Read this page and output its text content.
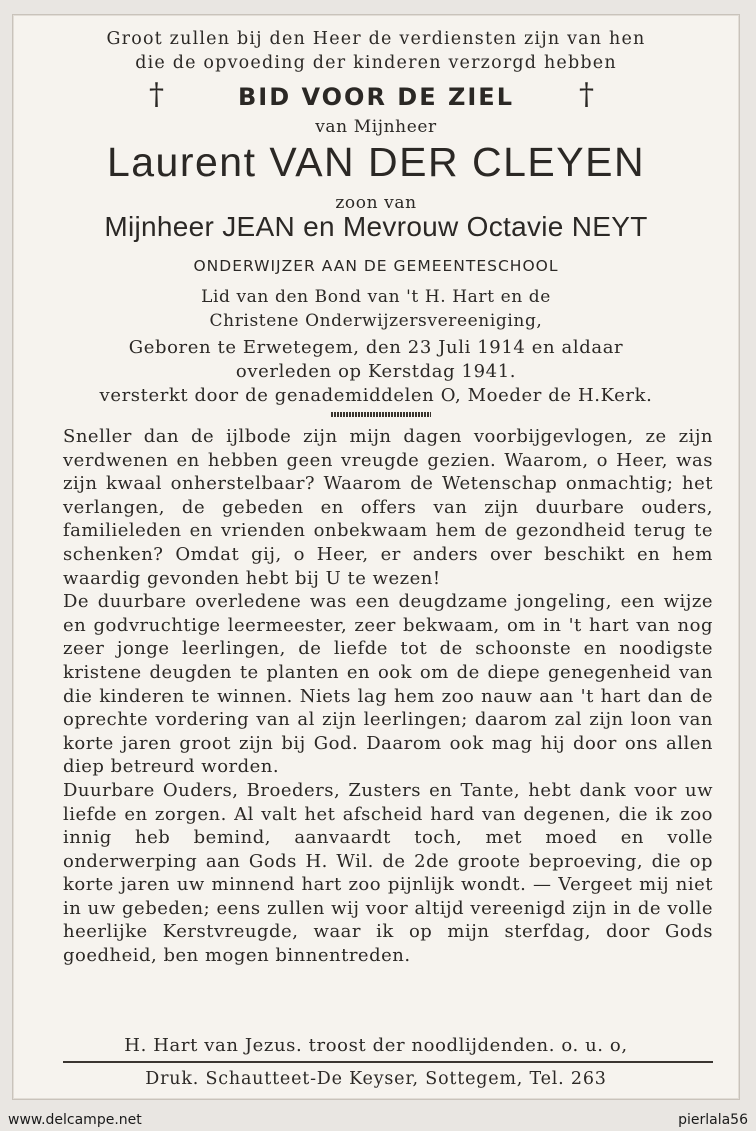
Groot zullen bij den Heer de verdiensten zijn van hen
die de opvoeding der kinderen verzorgd hebben
†	BID VOOR DE ZIEL †
van Mijnheer
Laurent VAN DER CLEYEN
zoon van
Mijnheer JEAN en Mevrouw Octavie NEYT
ONDERWIJZER AAN DE GEMEENTESCHOOL
Lid van den Bond van 't H. Hart en de
Christene Onderwijzersvereeniging,
Geboren te Erwetegem, den 23 Juli 1914 en aldaar
overleden op Kerstdag 1941.
versterkt door de genademiddelen O, Moeder de H.Kerk.

Sneller dan de ijlbode zijn mijn dagen voorbijgevlogen, ze zijn verdwenen en hebben geen vreugde gezien. Waarom, o Heer, was zijn kwaal onherstelbaar? Waarom de Wetenschap onmachtig; het verlangen, de gebeden en offers van zijn duurbare ouders, familieleden en vrienden onbekwaam hem de gezondheid terug te schenken? Omdat gij, o Heer, er anders over beschikt en hem waardig gevonden hebt bij U te wezen!

De duurbare overledene was een deugdzame jongeling, een wijze en godvruchtige leermeester, zeer bekwaam, om in 't hart van nog zeer jonge leerlingen, de liefde tot de schoonste en noodigste kristene deugden te planten en ook om de diepe genegenheid van die kinderen te winnen. Niets lag hem zoo nauw aan 't hart dan de oprechte vordering van al zijn leerlingen; daarom zal zijn loon van korte jaren groot zijn bij God. Daarom ook mag hij door ons allen diep betreurd worden.

Duurbare Ouders, Broeders, Zusters en Tante, hebt dank voor uw liefde en zorgen. Al valt het afscheid hard van degenen, die ik zoo innig heb bemind, aanvaardt toch, met moed en volle onderwerping aan Gods H. Wil. de 2de groote beproeving, die op korte jaren uw minnend hart zoo pijnlijk wondt. — Vergeet mij niet in uw gebeden; eens zullen wij voor altijd vereenigd zijn in de volle heerlijke Kerstvreugde, waar ik op mijn sterfdag, door Gods goedheid, ben mogen binnentreden.

H. Hart van Jezus. troost der noodlijdenden. o. u. o,
Druk. Schautteet-De Keyser, Sottegem, Tel. 263
www.delcampe.net	pierlala56
